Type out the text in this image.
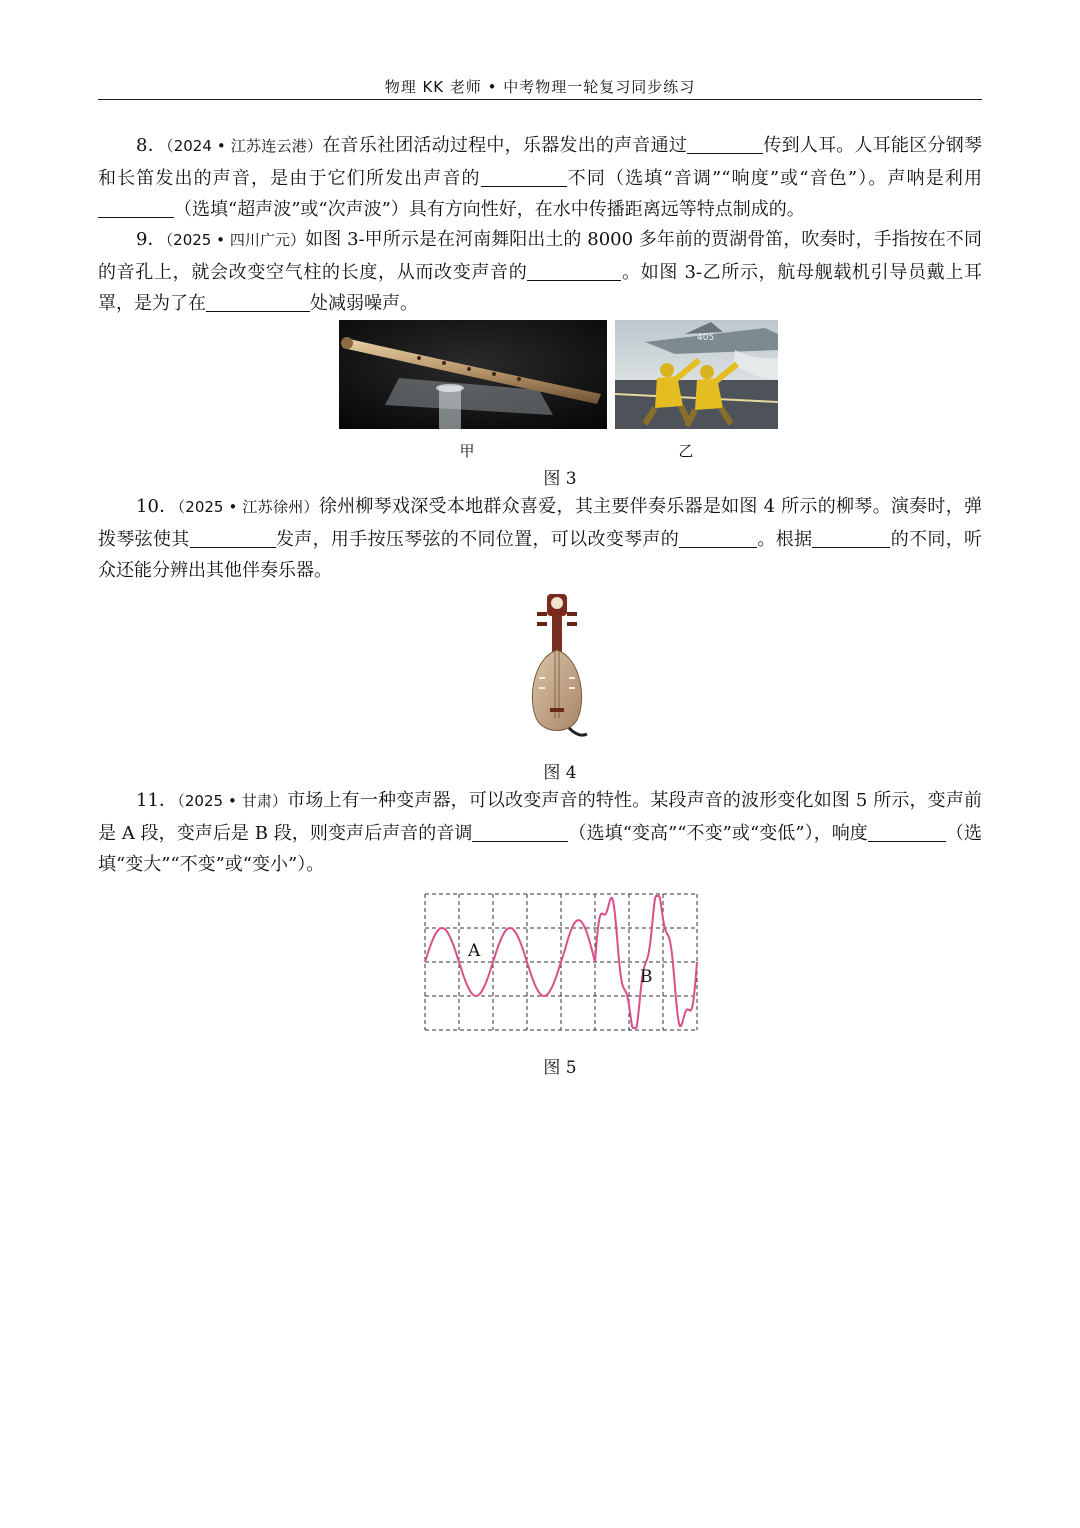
物理 KK 老师 • 中考物理一轮复习同步练习
8．（2024 • 江苏连云港）在音乐社团活动过程中，乐器发出的声音通过	传到人耳。人耳能区分钢琴和长笛发出的声音，是由于它们所发出声音的	不同（选填“音调”“响度”或“音色”）。声呐是利用（选填“超声波”或“次声波”）具有方向性好，在水中传播距离远等特点制成的。
9．（2025 • 四川广元）如图 3-甲所示是在河南舞阳出土的 8000 多年前的贾湖骨笛，吹奏时，手指按在不同的音孔上，就会改变空气柱的长度，从而改变声音的	。如图 3-乙所示，航母舰载机引导员戴上耳罩，是为了在	处减弱噪声。
甲
405
乙
图 3
10．（2025 • 江苏徐州）徐州柳琴戏深受本地群众喜爱，其主要伴奏乐器是如图 4 所示的柳琴。演奏时，弹拨琴弦使其	发声，用手按压琴弦的不同位置，可以改变琴声的	。根据	的不同，听众还能分辨出其他伴奏乐器。
图 4
11．（2025 • 甘肃）市场上有一种变声器，可以改变声音的特性。某段声音的波形变化如图 5 所示，变声前是 A 段，变声后是 B 段，则变声后声音的音调	（选填“变高”“不变”或“变低”），响度	（选填“变大”“不变”或“变小”）。
A
B
图 5
